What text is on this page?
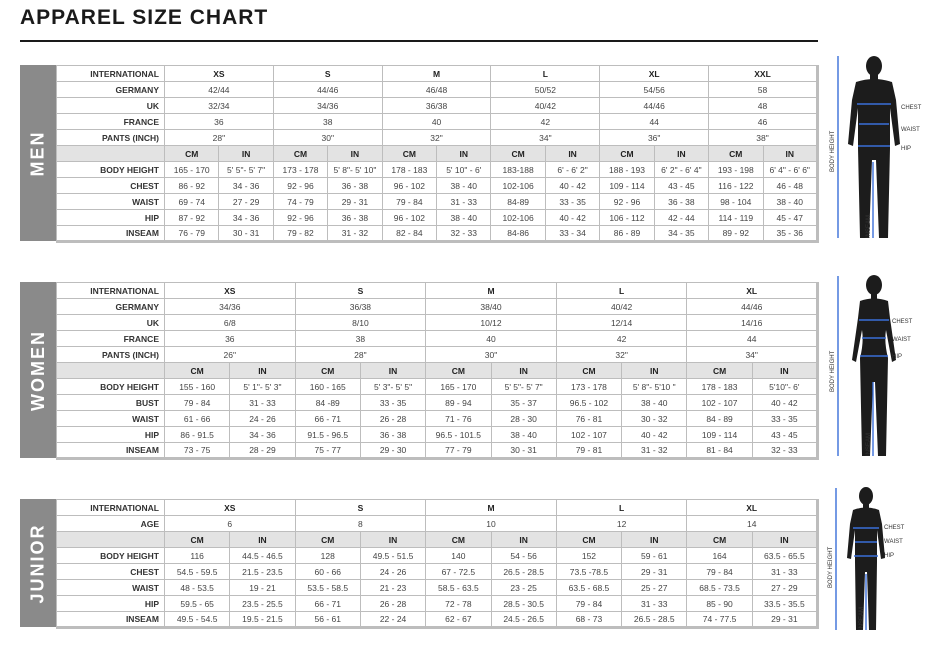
APPAREL SIZE CHART
MEN
INTERNATIONAL	XS		S		M		L		XL		XXL	
GERMANY	42/44		44/46		46/48		50/52		54/56		58	
UK	32/34		34/36		36/38		40/42		44/46		48	
FRANCE	36		38		40		42		44		46	
PANTS (INCH)	28"		30"		32"		34"		36"		38"	
	CM	IN	CM	IN	CM	IN	CM	IN	CM	IN	CM	IN
BODY HEIGHT	165 - 170	5' 5"- 5' 7"	173 - 178	5' 8"- 5' 10"	178 - 183	5' 10" - 6'	183-188	6' - 6' 2"	188 - 193	6' 2" - 6' 4"	193 - 198	6' 4" - 6' 6"
CHEST	86 - 92	34 - 36	92 - 96	36 - 38	96 - 102	38 - 40	102-106	40 - 42	109 - 114	43 - 45	116 - 122	46 - 48
WAIST	69 - 74	27 - 29	74 - 79	29 - 31	79 - 84	31 - 33	84-89	33 - 35	92 - 96	36 - 38	98 - 104	38 - 40
HIP	87 - 92	34 - 36	92 - 96	36 - 38	96 - 102	38 - 40	102-106	40 - 42	106 - 112	42 - 44	114 - 119	45 - 47
INSEAM	76 - 79	30 - 31	79 - 82	31 - 32	82 - 84	32 - 33	84-86	33 - 34	86 - 89	34 - 35	89 - 92	35 - 36
WOMEN
INTERNATIONAL	XS		S		M		L		XL	
GERMANY	34/36		36/38		38/40		40/42		44/46	
UK	6/8		8/10		10/12		12/14		14/16	
FRANCE	36		38		40		42		44	
PANTS (INCH)	26"		28"		30"		32"		34"	
	CM	IN	CM	IN	CM	IN	CM	IN	CM	IN
BODY HEIGHT	155 - 160	5' 1"- 5' 3"	160 - 165	5' 3"- 5' 5"	165 - 170	5' 5"- 5' 7"	173 - 178	5' 8"- 5'10 "	178 - 183	5'10"- 6'
BUST	79 - 84	31 - 33	84 -89	33 - 35	89 - 94	35 - 37	96.5 - 102	38 - 40	102 - 107	40 - 42
WAIST	61 - 66	24 - 26	66 - 71	26 - 28	71 - 76	28 - 30	76 - 81	30 - 32	84 - 89	33 - 35
HIP	86 - 91.5	34 - 36	91.5 - 96.5	36 - 38	96.5 - 101.5	38 - 40	102 - 107	40 - 42	109 - 114	43 - 45
INSEAM	73 - 75	28 - 29	75 - 77	29 - 30	77 - 79	30 - 31	79 - 81	31 - 32	81 - 84	32 - 33
JUNIOR
INTERNATIONAL	XS		S		M		L		XL	
AGE	6		8		10		12		14	
	CM	IN	CM	IN	CM	IN	CM	IN	CM	IN
BODY HEIGHT	116	44.5 - 46.5	128	49.5 - 51.5	140	54 - 56	152	59 - 61	164	63.5 - 65.5
CHEST	54.5 - 59.5	21.5 - 23.5	60 - 66	24 - 26	67 - 72.5	26.5 - 28.5	73.5 -78.5	29 - 31	79 - 84	31 - 33
WAIST	48 - 53.5	19 - 21	53.5 - 58.5	21 - 23	58.5 - 63.5	23 - 25	63.5 - 68.5	25 - 27	68.5 - 73.5	27 - 29
HIP	59.5 - 65	23.5 - 25.5	66 - 71	26 - 28	72 - 78	28.5 - 30.5	79 - 84	31 - 33	85 - 90	33.5 - 35.5
INSEAM	49.5 - 54.5	19.5 - 21.5	56 - 61	22 - 24	62 - 67	24.5 - 26.5	68 - 73	26.5 - 28.5	74 - 77.5	29 - 31
CHEST
WAIST
HIP
BODY HEIGHT
INSEAM
CHEST
WAIST
HIP
BODY HEIGHT
INSEAM
CHEST
WAIST
HIP
BODY HEIGHT
INSEAM
